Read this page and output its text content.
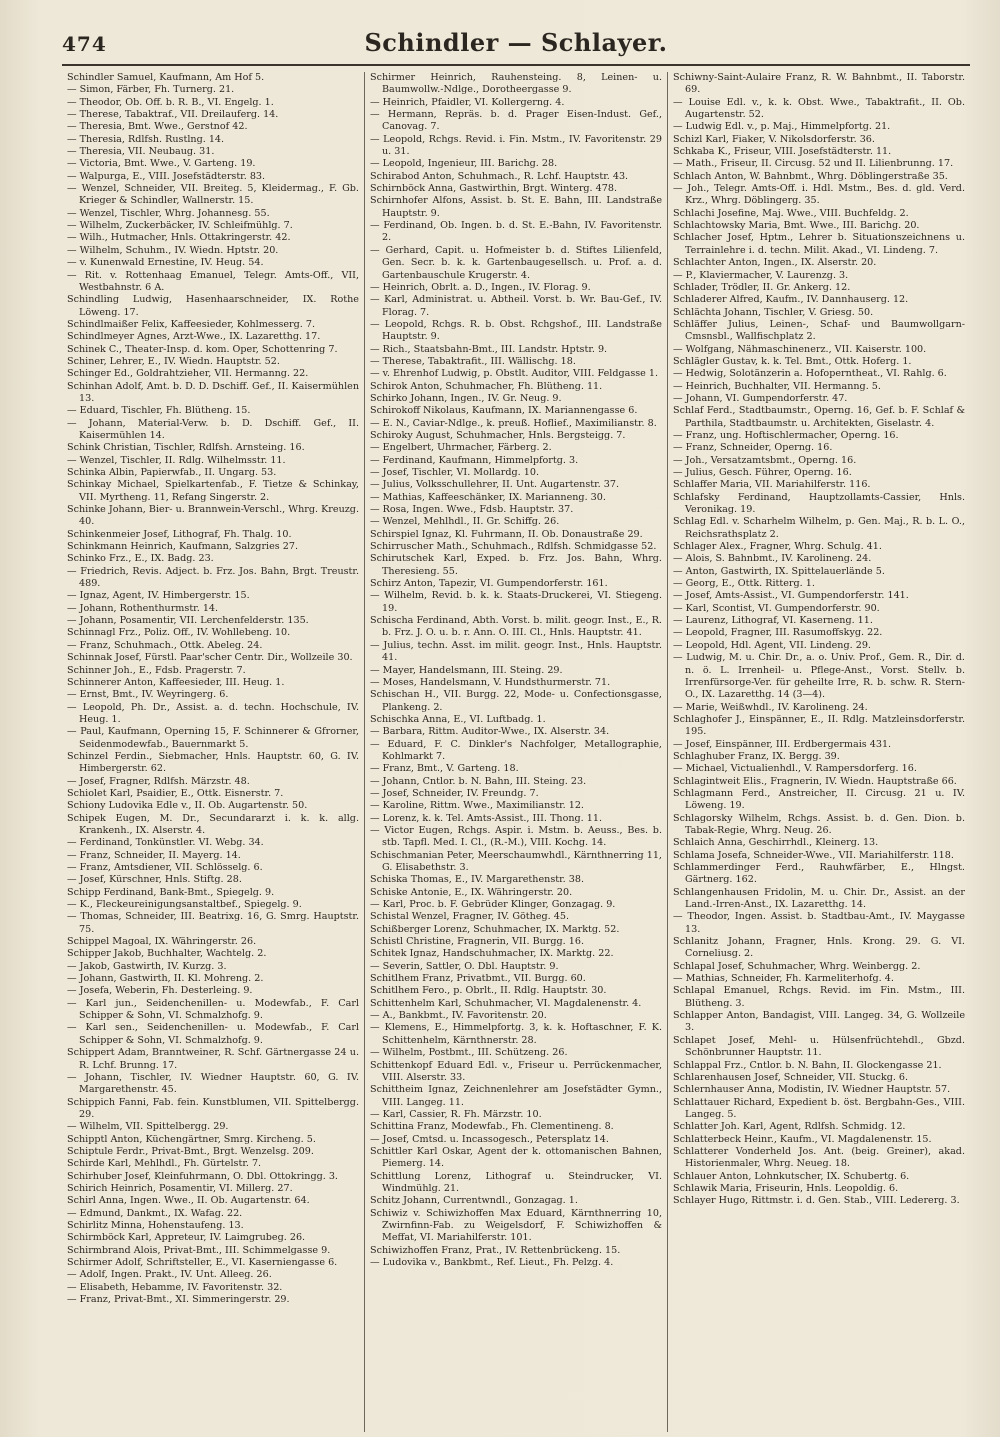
474	Schindler — Schlayer.
Schindler Samuel, Kaufmann, Am Hof 5.
— Simon, Färber, Fh. Turnerg. 21.
— Theodor, Ob. Off. b. R. B., VI. Engelg. 1.
— Therese, Tabaktraf., VII. Dreilauferg. 14.
— Theresia, Bmt. Wwe., Gerstnof 42.
— Theresia, Rdlfsh. Rustlng. 14.
— Theresia, VII. Neubaug. 31.
— Victoria, Bmt. Wwe., V. Garteng. 19.
— Walpurga, E., VIII. Josefstädterstr. 83.
— Wenzel, Schneider, VII. Breiteg. 5, Kleidermag., F. Gb. Krieger & Schindler, Wallnerstr. 15.
— Wenzel, Tischler, Whrg. Johannesg. 55.
— Wilhelm, Zuckerbäcker, IV. Schleifmühlg. 7.
— Wilh., Hutmacher, Hnls. Ottakringerstr. 42.
— Wilhelm, Schuhm., IV. Wiedn. Hptstr. 20.
— v. Kunenwald Ernestine, IV. Heug. 54.
— Rit. v. Rottenhaag Emanuel, Telegr. Amts-Off., VII, Westbahnstr. 6 A.
Schindling Ludwig, Hasenhaarschneider, IX. Rothe Löweng. 17.
Schindlmaißer Felix, Kaffeesieder, Kohlmesserg. 7.
Schindlmeyer Agnes, Arzt-Wwe., IX. Lazaretthg. 17.
Schinek C., Theater-Insp. d. kom. Oper, Schottenring 7.
Schiner, Lehrer, E., IV. Wiedn. Hauptstr. 52.
Schinger Ed., Goldrahtzieher, VII. Hermanng. 22.
Schinhan Adolf, Amt. b. D. D. Dschiff. Gef., II. Kaisermühlen 13.
— Eduard, Tischler, Fh. Blütheng. 15.
— Johann, Material-Verw. b. D. Dschiff. Gef., II. Kaisermühlen 14.
Schink Christian, Tischler, Rdlfsh. Arnsteing. 16.
— Wenzel, Tischler, II. Rdlg. Wilhelmsstr. 11.
Schinka Albin, Papierwfab., II. Ungarg. 53.
Schinkay Michael, Spielkartenfab., F. Tietze & Schinkay, VII. Myrtheng. 11, Refang Singerstr. 2.
Schinke Johann, Bier- u. Brannwein-Verschl., Whrg. Kreuzg. 40.
Schinkenmeier Josef, Lithograf, Fh. Thalg. 10.
Schinkmann Heinrich, Kaufmann, Salzgries 27.
Schinko Frz., E., IX. Badg. 23.
— Friedrich, Revis. Adject. b. Frz. Jos. Bahn, Brgt. Treustr. 489.
— Ignaz, Agent, IV. Himbergerstr. 15.
— Johann, Rothenthurmstr. 14.
— Johann, Posamentir, VII. Lerchenfelderstr. 135.
Schinnagl Frz., Poliz. Off., IV. Wohllebeng. 10.
— Franz, Schuhmach., Ottk. Abeleg. 24.
Schinnak Josef, Fürstl. Paar'scher Centr. Dir., Wollzeile 30.
Schinner Joh., E., Fdsb. Pragerstr. 7.
Schinnerer Anton, Kaffeesieder, III. Heug. 1.
— Ernst, Bmt., IV. Weyringerg. 6.
— Leopold, Ph. Dr., Assist. a. d. techn. Hochschule, IV. Heug. 1.
— Paul, Kaufmann, Operning 15, F. Schinnerer & Gfrorner, Seidenmodewfab., Bauernmarkt 5.
Schinzel Ferdin., Siebmacher, Hnls. Hauptstr. 60, G. IV. Himbergerstr. 62.
— Josef, Fragner, Rdlfsh. Märzstr. 48.
Schiolet Karl, Psaidier, E., Ottk. Eisnerstr. 7.
Schiony Ludovika Edle v., II. Ob. Augartenstr. 50.
Schipek Eugen, M. Dr., Secundararzt i. k. k. allg. Krankenh., IX. Alserstr. 4.
— Ferdinand, Tonkünstler. VI. Webg. 34.
— Franz, Schneider, II. Mayerg. 14.
— Franz, Amtsdiener, VII. Schlösselg. 6.
— Josef, Kürschner, Hnls. Stiftg. 28.
Schipp Ferdinand, Bank-Bmt., Spiegelg. 9.
— K., Fleckeureinigungsanstaltbef., Spiegelg. 9.
— Thomas, Schneider, III. Beatrixg. 16, G. Smrg. Hauptstr. 75.
Schippel Magoal, IX. Währingerstr. 26.
Schipper Jakob, Buchhalter, Wachtelg. 2.
— Jakob, Gastwirth, IV. Kurzg. 3.
— Johann, Gastwirth, II. Kl. Mohreng. 2.
— Josefa, Weberin, Fh. Desterleing. 9.
— Karl jun., Seidenchenillen- u. Modewfab., F. Carl Schipper & Sohn, VI. Schmalzhofg. 9.
— Karl sen., Seidenchenillen- u. Modewfab., F. Carl Schipper & Sohn, VI. Schmalzhofg. 9.
Schippert Adam, Branntweiner, R. Schf. Gärtnergasse 24 u. R. Lchf. Brunng. 17.
— Johann, Tischler, IV. Wiedner Hauptstr. 60, G. IV. Margarethenstr. 45.
Schippich Fanni, Fab. fein. Kunstblumen, VII. Spittelbergg. 29.
— Wilhelm, VII. Spittelbergg. 29.
Schipptl Anton, Küchengärtner, Smrg. Kircheng. 5.
Schiptule Ferdr., Privat-Bmt., Brgt. Wenzelsg. 209.
Schirde Karl, Mehlhdl., Fh. Gürtelstr. 7.
Schirhuber Josef, Kleinfuhrmann, O. Dbl. Ottokringg. 3.
Schirich Heinrich, Posamentir, VI. Millerg. 27.
Schirl Anna, Ingen. Wwe., II. Ob. Augartenstr. 64.
— Edmund, Dankmt., IX. Wafag. 22.
Schirlitz Minna, Hohenstaufeng. 13.
Schirmböck Karl, Appreteur, IV. Laimgrubeg. 26.
Schirmbrand Alois, Privat-Bmt., III. Schimmelgasse 9.
Schirmer Adolf, Schriftsteller, E., VI. Kaserniengasse 6.
— Adolf, Ingen. Prakt., IV. Unt. Alleeg. 26.
— Elisabeth, Hebamme, IV. Favoritenstr. 32.
— Franz, Privat-Bmt., XI. Simmeringerstr. 29.
Schirmer Heinrich, Rauhensteing. 8, Leinen- u. Baumwollw.-Ndlge., Dorotheergasse 9.
— Heinrich, Pfaidler, VI. Kollergerng. 4.
— Hermann, Repräs. b. d. Prager Eisen-Indust. Gef., Canovag. 7.
— Leopold, Rchgs. Revid. i. Fin. Mstm., IV. Favoritenstr. 29 u. 31.
— Leopold, Ingenieur, III. Barichg. 28.
Schirabod Anton, Schuhmach., R. Lchf. Hauptstr. 43.
Schirnböck Anna, Gastwirthin, Brgt. Winterg. 478.
Schirnhofer Alfons, Assist. b. St. E. Bahn, III. Landstraße Hauptstr. 9.
— Ferdinand, Ob. Ingen. b. d. St. E.-Bahn, IV. Favoritenstr. 2.
— Gerhard, Capit. u. Hofmeister b. d. Stiftes Lilienfeld, Gen. Secr. b. k. k. Gartenbaugesellsch. u. Prof. a. d. Gartenbauschule Krugerstr. 4.
— Heinrich, Obrlt. a. D., Ingen., IV. Florag. 9.
— Karl, Administrat. u. Abtheil. Vorst. b. Wr. Bau-Gef., IV. Florag. 7.
— Leopold, Rchgs. R. b. Obst. Rchgshof., III. Landstraße Hauptstr. 9.
— Rich., Staatsbahn-Bmt., III. Landstr. Hptstr. 9.
— Therese, Tabaktrafit., III. Wällischg. 18.
— v. Ehrenhof Ludwig, p. Obstlt. Auditor, VIII. Feldgasse 1.
Schirok Anton, Schuhmacher, Fh. Blütheng. 11.
Schirko Johann, Ingen., IV. Gr. Neug. 9.
Schirokoff Nikolaus, Kaufmann, IX. Mariannengasse 6.
— E. N., Caviar-Ndlge., k. preuß. Hoflief., Maximilianstr. 8.
Schiroky August, Schuhmacher, Hnls. Bergsteigg. 7.
— Engelbert, Uhrmacher, Färberg. 2.
— Ferdinand, Kaufmann, Himmelpfortg. 3.
— Josef, Tischler, VI. Mollardg. 10.
— Julius, Volksschullehrer, II. Unt. Augartenstr. 37.
— Mathias, Kaffeeschänker, IX. Marianneng. 30.
— Rosa, Ingen. Wwe., Fdsb. Hauptstr. 37.
— Wenzel, Mehlhdl., II. Gr. Schiffg. 26.
Schirspiel Ignaz, Kl. Fuhrmann, II. Ob. Donaustraße 29.
Schirruscher Math., Schuhmach., Rdlfsh. Schmidgasse 52.
Schirutschek Karl, Exped. b. Frz. Jos. Bahn, Whrg. Theresieng. 55.
Schirz Anton, Tapezir, VI. Gumpendorferstr. 161.
— Wilhelm, Revid. b. k. k. Staats-Druckerei, VI. Stiegeng. 19.
Schischa Ferdinand, Abth. Vorst. b. milit. geogr. Inst., E., R. b. Frz. J. O. u. b. r. Ann. O. III. Cl., Hnls. Hauptstr. 41.
— Julius, techn. Asst. im milit. geogr. Inst., Hnls. Hauptstr. 41.
— Mayer, Handelsmann, III. Steing. 29.
— Moses, Handelsmann, V. Hundsthurmerstr. 71.
Schischan H., VII. Burgg. 22, Mode- u. Confectionsgasse, Plankeng. 2.
Schischka Anna, E., VI. Luftbadg. 1.
— Barbara, Rittm. Auditor-Wwe., IX. Alserstr. 34.
— Eduard, F. C. Dinkler's Nachfolger, Metallographie, Kohlmarkt 7.
— Franz, Bmt., V. Garteng. 18.
— Johann, Cntlor. b. N. Bahn, III. Steing. 23.
— Josef, Schneider, IV. Freundg. 7.
— Karoline, Rittm. Wwe., Maximilianstr. 12.
— Lorenz, k. k. Tel. Amts-Assist., III. Thong. 11.
— Victor Eugen, Rchgs. Aspir. i. Mstm. b. Aeuss., Bes. b. stb. Tapfl. Med. I. Cl., (R.-M.), VIII. Kochg. 14.
Schischmanian Peter, Meerschaumwhdl., Kärnthnerring 11, G. Elisabethstr. 3.
Schiska Thomas, E., IV. Margarethenstr. 38.
Schiske Antonie, E., IX. Währingerstr. 20.
— Karl, Proc. b. F. Gebrüder Klinger, Gonzagag. 9.
Schistal Wenzel, Fragner, IV. Götheg. 45.
Schißberger Lorenz, Schuhmacher, IX. Marktg. 52.
Schistl Christine, Fragnerin, VII. Burgg. 16.
Schitek Ignaz, Handschuhmacher, IX. Marktg. 22.
— Severin, Sattler, O. Dbl. Hauptstr. 9.
Schitlhem Franz, Privatbmt., VII. Burgg. 60.
Schitlhem Fero., p. Obrlt., II. Rdlg. Hauptstr. 30.
Schittenhelm Karl, Schuhmacher, VI. Magdalenenstr. 4.
— A., Bankbmt., IV. Favoritenstr. 20.
— Klemens, E., Himmelpfortg. 3, k. k. Hoftaschner, F. K. Schittenhelm, Kärnthnerstr. 28.
— Wilhelm, Postbmt., III. Schützeng. 26.
Schittenkopf Eduard Edl. v., Friseur u. Perrückenmacher, VIII. Alserstr. 33.
Schittheim Ignaz, Zeichnenlehrer am Josefstädter Gymn., VIII. Langeg. 11.
— Karl, Cassier, R. Fh. Märzstr. 10.
Schittina Franz, Modewfab., Fh. Clementineng. 8.
— Josef, Cmtsd. u. Incassogesch., Petersplatz 14.
Schittler Karl Oskar, Agent der k. ottomanischen Bahnen, Piemerg. 14.
Schittlung Lorenz, Lithograf u. Steindrucker, VI. Windmühlg. 21.
Schitz Johann, Currentwndl., Gonzagag. 1.
Schiwiz v. Schiwizhoffen Max Eduard, Kärnthnerring 10, Zwirnfinn-Fab. zu Weigelsdorf, F. Schiwizhoffen & Meffat, VI. Mariahilferstr. 101.
Schiwizhoffen Franz, Prat., IV. Rettenbrückeng. 15.
— Ludovika v., Bankbmt., Ref. Lieut., Fh. Pelzg. 4.
Schiwny-Saint-Aulaire Franz, R. W. Bahnbmt., II. Taborstr. 69.
— Louise Edl. v., k. k. Obst. Wwe., Tabaktrafit., II. Ob. Augartenstr. 52.
— Ludwig Edl. v., p. Maj., Himmelpfortg. 21.
Schizl Karl, Fiaker, V. Nikolsdorferstr. 36.
Schkaba K., Friseur, VIII. Josefstädterstr. 11.
— Math., Friseur, II. Circusg. 52 und II. Lilienbrunng. 17.
Schlach Anton, W. Bahnbmt., Whrg. Döblingerstraße 35.
— Joh., Telegr. Amts-Off. i. Hdl. Mstm., Bes. d. gld. Verd. Krz., Whrg. Döblingerg. 35.
Schlachi Josefine, Maj. Wwe., VIII. Buchfeldg. 2.
Schlachtowsky Maria, Bmt. Wwe., III. Barichg. 20.
Schlacher Josef, Hptm., Lehrer b. Situationszeichnens u. Terrainlehre i. d. techn. Milit. Akad., VI. Lindeng. 7.
Schlachter Anton, Ingen., IX. Alserstr. 20.
— P., Klaviermacher, V. Laurenzg. 3.
Schlader, Trödler, II. Gr. Ankerg. 12.
Schladerer Alfred, Kaufm., IV. Dannhauserg. 12.
Schlächta Johann, Tischler, V. Griesg. 50.
Schläffer Julius, Leinen-, Schaf- und Baumwollgarn-Cmsnsbl., Wallfischplatz 2.
— Wolfgang, Nähmaschinenerz., VII. Kaiserstr. 100.
Schlägler Gustav, k. k. Tel. Bmt., Ottk. Hoferg. 1.
— Hedwig, Solotänzerin a. Hofoperntheat., VI. Rahlg. 6.
— Heinrich, Buchhalter, VII. Hermanng. 5.
— Johann, VI. Gumpendorferstr. 47.
Schlaf Ferd., Stadtbaumstr., Operng. 16, Gef. b. F. Schlaf & Parthila, Stadtbaumstr. u. Architekten, Giselastr. 4.
— Franz, ung. Hoftischlermacher, Operng. 16.
— Franz, Schneider, Operng. 16.
— Joh., Versatzamtsbmt., Operng. 16.
— Julius, Gesch. Führer, Operng. 16.
Schlaffer Maria, VII. Mariahilferstr. 116.
Schlafsky Ferdinand, Hauptzollamts-Cassier, Hnls. Veronikag. 19.
Schlag Edl. v. Scharhelm Wilhelm, p. Gen. Maj., R. b. L. O., Reichsrathsplatz 2.
Schlager Alex., Fragner, Whrg. Schulg. 41.
— Alois, S. Bahnbmt., IV. Karolineng. 24.
— Anton, Gastwirth, IX. Spittelauerlände 5.
— Georg, E., Ottk. Ritterg. 1.
— Josef, Amts-Assist., VI. Gumpendorferstr. 141.
— Karl, Scontist, VI. Gumpendorferstr. 90.
— Laurenz, Lithograf, VI. Kaserneng. 11.
— Leopold, Fragner, III. Rasumoffskyg. 22.
— Leopold, Hdl. Agent, VII. Lindeng. 29.
— Ludwig, M. u. Chir. Dr., a. o. Univ. Prof., Gem. R., Dir. d. n. ö. L. Irrenheil- u. Pflege-Anst., Vorst. Stellv. b. Irrenfürsorge-Ver. für geheilte Irre, R. b. schw. R. Stern-O., IX. Lazaretthg. 14 (3—4).
— Marie, Weißwhdl., IV. Karolineng. 24.
Schlaghofer J., Einspänner, E., II. Rdlg. Matzleinsdorferstr. 195.
— Josef, Einspänner, III. Erdbergermais 431.
Schlaghuber Franz, IX. Bergg. 39.
— Michael, Victualienhdl., V. Rampersdorferg. 16.
Schlagintweit Elis., Fragnerin, IV. Wiedn. Hauptstraße 66.
Schlagmann Ferd., Anstreicher, II. Circusg. 21 u. IV. Löweng. 19.
Schlagorsky Wilhelm, Rchgs. Assist. b. d. Gen. Dion. b. Tabak-Regie, Whrg. Neug. 26.
Schlaich Anna, Geschirrhdl., Kleinerg. 13.
Schlama Josefa, Schneider-Wwe., VII. Mariahilferstr. 118.
Schlammerdinger Ferd., Rauhwfärber, E., Hlngst. Gärtnerg. 162.
Schlangenhausen Fridolin, M. u. Chir. Dr., Assist. an der Land.-Irren-Anst., IX. Lazaretthg. 14.
— Theodor, Ingen. Assist. b. Stadtbau-Amt., IV. Maygasse 13.
Schlanitz Johann, Fragner, Hnls. Krong. 29. G. VI. Corneliusg. 2.
Schlapal Josef, Schuhmacher, Whrg. Weinbergg. 2.
— Mathias, Schneider, Fh. Karmeliterhofg. 4.
Schlapal Emanuel, Rchgs. Revid. im Fin. Mstm., III. Blütheng. 3.
Schlapper Anton, Bandagist, VIII. Langeg. 34, G. Wollzeile 3.
Schlapet Josef, Mehl- u. Hülsenfrüchtehdl., Gbzd. Schönbrunner Hauptstr. 11.
Schlappal Frz., Cntlor. b. N. Bahn, II. Glockengasse 21.
Schlarenhausen Josef, Schneider, VII. Stuckg. 6.
Schlernhauser Anna, Modistin, IV. Wiedner Hauptstr. 57.
Schlattauer Richard, Expedient b. öst. Bergbahn-Ges., VIII. Langeg. 5.
Schlatter Joh. Karl, Agent, Rdlfsh. Schmidg. 12.
Schlatterbeck Heinr., Kaufm., VI. Magdalenenstr. 15.
Schlatterer Vonderheld Jos. Ant. (beig. Greiner), akad. Historienmaler, Whrg. Neueg. 18.
Schlauer Anton, Lohnkutscher, IX. Schubertg. 6.
Schlawik Maria, Friseurin, Hnls. Leopoldig. 6.
Schlayer Hugo, Rittmstr. i. d. Gen. Stab., VIII. Ledererg. 3.
